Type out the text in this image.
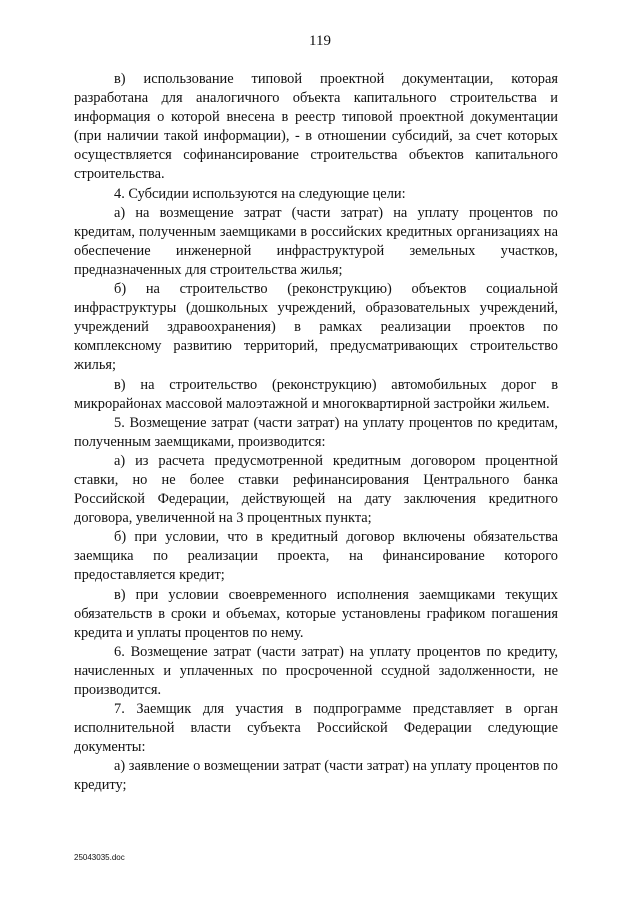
119

в) использование типовой проектной документации, которая разработана для аналогичного объекта капитального строительства и информация о которой внесена в реестр типовой проектной документации (при наличии такой информации), - в отношении субсидий, за счет которых осуществляется софинансирование строительства объектов капитального строительства.

4. Субсидии используются на следующие цели:

а) на возмещение затрат (части затрат) на уплату процентов по кредитам, полученным заемщиками в российских кредитных организациях на обеспечение инженерной инфраструктурой земельных участков, предназначенных для строительства жилья;

б) на строительство (реконструкцию) объектов социальной инфраструктуры (дошкольных учреждений, образовательных учреждений, учреждений здравоохранения) в рамках реализации проектов по комплексному развитию территорий, предусматривающих строительство жилья;

в) на строительство (реконструкцию) автомобильных дорог в микрорайонах массовой малоэтажной и многоквартирной застройки жильем.

5. Возмещение затрат (части затрат) на уплату процентов по кредитам, полученным заемщиками, производится:

а) из расчета предусмотренной кредитным договором процентной ставки, но не более ставки рефинансирования Центрального банка Российской Федерации, действующей на дату заключения кредитного договора, увеличенной на 3 процентных пункта;

б) при условии, что в кредитный договор включены обязательства заемщика по реализации проекта, на финансирование которого предоставляется кредит;

в) при условии своевременного исполнения заемщиками текущих обязательств в сроки и объемах, которые установлены графиком погашения кредита и уплаты процентов по нему.

6. Возмещение затрат (части затрат) на уплату процентов по кредиту, начисленных и уплаченных по просроченной ссудной задолженности, не производится.

7. Заемщик для участия в подпрограмме представляет в орган исполнительной власти субъекта Российской Федерации следующие документы:

а) заявление о возмещении затрат (части затрат) на уплату процентов по кредиту;

25043035.doc
